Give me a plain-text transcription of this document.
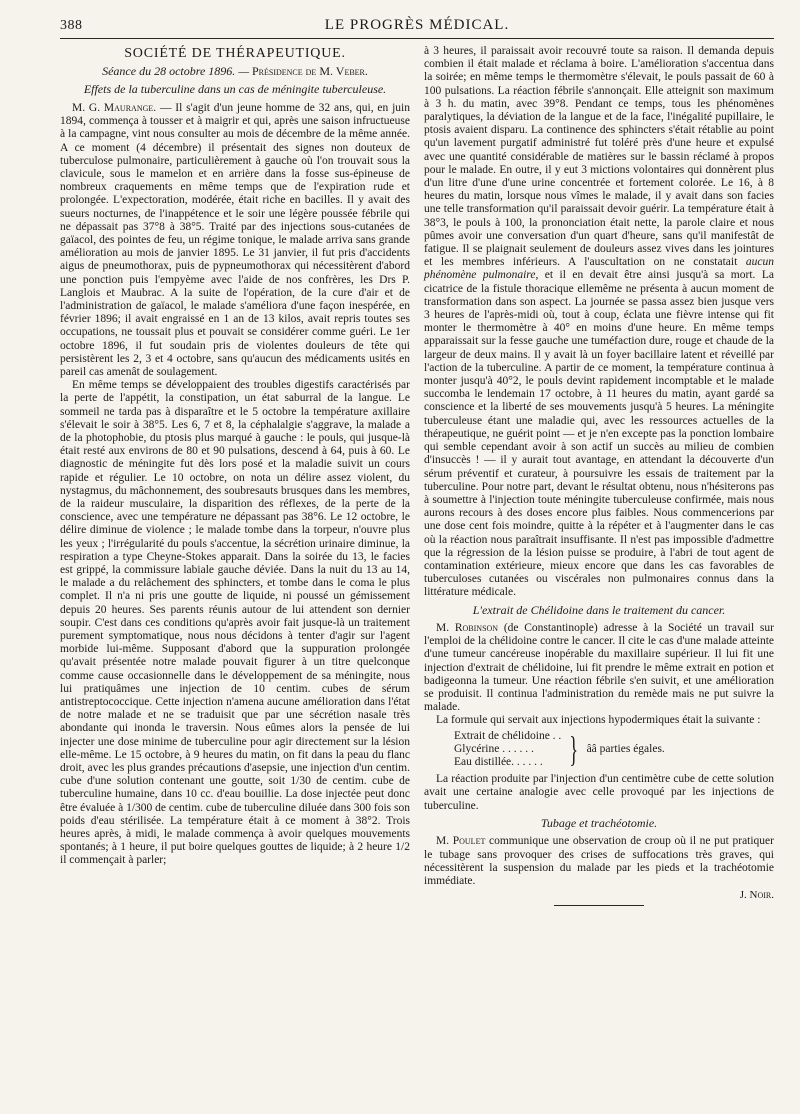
388	LE PROGRÈS MÉDICAL.
SOCIÉTÉ DE THÉRAPEUTIQUE.
Séance du 28 octobre 1896. — Présidence de M. Veber.
Effets de la tuberculine dans un cas de méningite tuberculeuse.

M. G. Maurange. — Il s'agit d'un jeune homme de 32 ans, qui, en juin 1894, commença à tousser et à maigrir et qui, après une saison infructueuse à la campagne, vint nous consulter au mois de décembre de la même année. A ce moment (4 décembre) il présentait des signes non douteux de tuberculose pulmonaire, particulièrement à gauche où l'on trouvait sous la clavicule, sous le mamelon et en arrière dans la fosse sus-épineuse de nombreux craquements en même temps que de l'expiration rude et prolongée. L'expectoration, modérée, était riche en bacilles. Il y avait des sueurs nocturnes, de l'inappétence et le soir une légère poussée fébrile qui ne dépassait pas 37°8 à 38°5. Traité par des injections sous-cutanées de gaïacol, des pointes de feu, un régime tonique, le malade arriva sans grande amélioration au mois de janvier 1895. Le 31 janvier, il fut pris d'accidents aigus de pneumothorax, puis de pypneumothorax qui nécessitèrent d'abord une ponction puis l'empyème avec l'aide de nos confrères, les Drs P. Langlois et Maubrac. A la suite de l'opération, de la cure d'air et de l'administration de gaïacol, le malade s'améliora d'une façon inespérée, en février 1896; il avait engraissé en 1 an de 13 kilos, avait repris toutes ses occupations, ne toussait plus et pouvait se considérer comme guéri. Le 1er octobre 1896, il fut soudain pris de violentes douleurs de tête qui persistèrent les 2, 3 et 4 octobre, sans qu'aucun des médicaments usités en pareil cas amenât de soulagement.

En même temps se développaient des troubles digestifs caractérisés par la perte de l'appétit, la constipation, un état saburral de la langue. Le sommeil ne tarda pas à disparaître et le 5 octobre la température axillaire s'élevait le soir à 38°5. Les 6, 7 et 8, la céphalalgie s'aggrave, la malade a de la photophobie, du ptosis plus marqué à gauche : le pouls, qui jusque-là était resté aux environs de 80 et 90 pulsations, descend à 64, puis à 60. Le diagnostic de méningite fut dès lors posé et la maladie suivit un cours rapide et régulier. Le 10 octobre, on nota un délire assez violent, du nystagmus, du mâchonnement, des soubresauts brusques dans les membres, de la raideur musculaire, la disparition des réflexes, de la perte de la conscience, avec une température ne dépassant pas 38°6. Le 12 octobre, le délire diminue de violence ; le malade tombe dans la torpeur, n'ouvre plus les yeux ; l'irrégularité du pouls s'accentue, la sécrétion urinaire diminue, la respiration a type Cheyne-Stokes apparait. Dans la soirée du 13, le facies est grippé, la commissure labiale gauche déviée. Dans la nuit du 13 au 14, le malade a du relâchement des sphincters, et tombe dans le coma le plus complet. Il n'a ni pris une goutte de liquide, ni poussé un gémissement depuis 20 heures. Ses parents réunis autour de lui attendent son dernier soupir. C'est dans ces conditions qu'après avoir fait jusque-là un traitement purement symptomatique, nous nous décidons à tenter d'agir sur l'agent morbide lui-même. Supposant d'abord que la suppuration prolongée qu'avait présentée notre malade pouvait figurer à un titre quelconque comme cause occasionnelle dans le développement de sa méningite, nous lui pratiquâmes une injection de 10 centim. cubes de sérum antistreptococcique. Cette injection n'amena aucune amélioration dans l'état de notre malade et ne se traduisit que par une sécrétion nasale très abondante qui inonda le traversin. Nous eûmes alors la pensée de lui injecter une dose minime de tuberculine pour agir directement sur la lésion elle-même. Le 15 octobre, à 9 heures du matin, on fit dans la peau du flanc droit, avec les plus grandes précautions d'asepsie, une injection d'un centim. cube d'une solution contenant une goutte, soit 1/30 de centim. cube de tuberculine humaine, dans 10 cc. d'eau bouillie. La dose injectée peut donc être évaluée à 1/300 de centim. cube de tuberculine diluée dans 300 fois son poids d'eau stérilisée. La température était à ce moment à 38°2. Trois heures après, à midi, le malade commença à avoir quelques mouvements spontanés; à 1 heure, il put boire quelques gouttes de liquide; à 2 heure 1/2 il commençait à parler;

à 3 heures, il paraissait avoir recouvré toute sa raison. Il demanda depuis combien il était malade et réclama à boire. L'amélioration s'accentua dans la soirée; en même temps le thermomètre s'élevait, le pouls passait de 60 à 100 pulsations. La réaction fébrile s'annonçait. Elle atteignit son maximum à 3 h. du matin, avec 39°8. Pendant ce temps, tous les phénomènes paralytiques, la déviation de la langue et de la face, l'inégalité pupillaire, le ptosis avaient disparu. La continence des sphincters s'était rétablie au point qu'un lavement purgatif administré fut toléré près d'une heure et expulsé avec une quantité considérable de matières sur le bassin réclamé à propos pour le malade. En outre, il y eut 3 mictions volontaires qui donnèrent plus d'un litre d'une d'une urine concentrée et fortement colorée. Le 16, à 8 heures du matin, lorsque nous vîmes le malade, il y avait dans son facies une telle transformation qu'il paraissait devoir guérir. La température était à 38°3, le pouls à 100, la prononciation était nette, la parole claire et nous pûmes avoir une conversation d'un quart d'heure, sans qu'il manifestât de fatigue. Il se plaignait seulement de douleurs assez vives dans les jointures et les membres inférieurs. A l'auscultation on ne constatait aucun phénomène pulmonaire, et il en devait être ainsi jusqu'à sa mort. La cicatrice de la fistule thoracique ellemême ne présenta à aucun moment de transformation dans son aspect. La journée se passa assez bien jusque vers 3 heures de l'après-midi où, tout à coup, éclata une fièvre intense qui fit monter le thermomètre à 40° en moins d'une heure. En même temps apparaissait sur la fesse gauche une tuméfaction dure, rouge et chaude de la largeur de deux mains. Il y avait là un foyer bacillaire latent et réveillé par l'action de la tuberculine. A partir de ce moment, la température continua à monter jusqu'à 40°2, le pouls devint rapidement incomptable et le malade succomba le lendemain 17 octobre, à 11 heures du matin, ayant gardé sa conscience et la liberté de ses mouvements jusqu'à 5 heures. La méningite tuberculeuse étant une maladie qui, avec les ressources actuelles de la thérapeutique, ne guérit point — et je n'en excepte pas la ponction lombaire qui semble cependant avoir à son actif un succès au milieu de combien d'insuccès ! — il y aurait tout avantage, en attendant la découverte d'un sérum préventif et curateur, à poursuivre les essais de traitement par la tuberculine. Pour notre part, devant le résultat obtenu, nous n'hésiterons pas à soumettre à l'injection toute méningite tuberculeuse confirmée, mais nous aurons recours à des doses encore plus faibles. Nous commencerions par une dose cent fois moindre, quitte à la répéter et à l'augmenter dans le cas où la réaction nous paraîtrait insuffisante. Il n'est pas impossible d'admettre que la régression de la lésion puisse se produire, à l'abri de tout agent de contamination extérieure, mieux encore que dans les cas favorables de tuberculoses cutanées ou viscérales non pulmonaires connus dans la littérature médicale.

L'extrait de Chélidoine dans le traitement du cancer.

M. Robinson (de Constantinople) adresse à la Société un travail sur l'emploi de la chélidoine contre le cancer. Il cite le cas d'une malade atteinte d'une tumeur cancéreuse inopérable du maxillaire supérieur. Il lui fit une injection d'extrait de chélidoine, lui fit prendre le même extrait en potion et badigeonna la tumeur. Une réaction fébrile s'en suivit, et une amélioration se produisit. Il continua l'administration du remède mais ne put suivre la malade.

La formule qui servait aux injections hypodermiques était la suivante :

Extrait de chélidoine . .
Glycérine . . . . . .
Eau distillée. . . . . . } ââ parties égales.

La réaction produite par l'injection d'un centimètre cube de cette solution avait une certaine analogie avec celle provoqué par les injections de tuberculine.

Tubage et trachéotomie.

M. Poulet communique une observation de croup où il ne put pratiquer le tubage sans provoquer des crises de suffocations très graves, qui nécessitèrent la suspension du malade par les pieds et la trachéotomie immédiate.

J. Noir.
